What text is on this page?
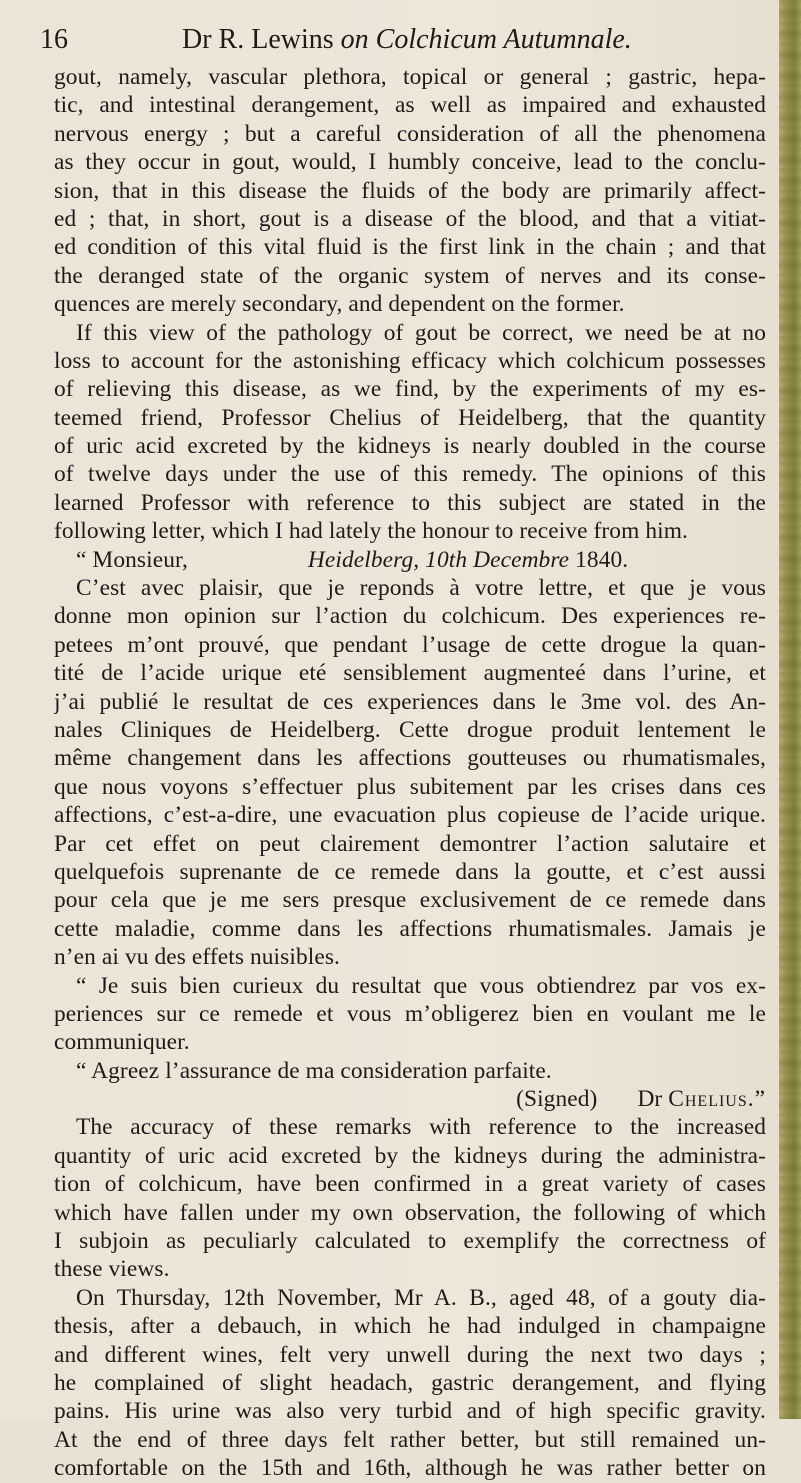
16	Dr R. Lewins on Colchicum Autumnale.
gout, namely, vascular plethora, topical or general ; gastric, hepa-
tic, and intestinal derangement, as well as impaired and exhausted
nervous energy ; but a careful consideration of all the phenomena
as they occur in gout, would, I humbly conceive, lead to the conclu-
sion, that in this disease the fluids of the body are primarily affect-
ed ; that, in short, gout is a disease of the blood, and that a vitiat-
ed condition of this vital fluid is the first link in the chain ; and that
the deranged state of the organic system of nerves and its conse-
quences are merely secondary, and dependent on the former.
If this view of the pathology of gout be correct, we need be at no
loss to account for the astonishing efficacy which colchicum possesses
of relieving this disease, as we find, by the experiments of my es-
teemed friend, Professor Chelius of Heidelberg, that the quantity
of uric acid excreted by the kidneys is nearly doubled in the course
of twelve days under the use of this remedy. The opinions of this
learned Professor with reference to this subject are stated in the
following letter, which I had lately the honour to receive from him.
“ Monsieur,	Heidelberg, 10th Decembre 1840.
C’est avec plaisir, que je reponds à votre lettre, et que je vous
donne mon opinion sur l’action du colchicum. Des experiences re-
petees m’ont prouvé, que pendant l’usage de cette drogue la quan-
tité de l’acide urique eté sensiblement augmenteé dans l’urine, et
j’ai publié le resultat de ces experiences dans le 3me vol. des An-
nales Cliniques de Heidelberg. Cette drogue produit lentement le
même changement dans les affections goutteuses ou rhumatismales,
que nous voyons s’effectuer plus subitement par les crises dans ces
affections, c’est-a-dire, une evacuation plus copieuse de l’acide urique.
Par cet effet on peut clairement demontrer l’action salutaire et
quelquefois suprenante de ce remede dans la goutte, et c’est aussi
pour cela que je me sers presque exclusivement de ce remede dans
cette maladie, comme dans les affections rhumatismales. Jamais je
n’en ai vu des effets nuisibles.
“ Je suis bien curieux du resultat que vous obtiendrez par vos ex-
periences sur ce remede et vous m’obligerez bien en voulant me le
communiquer.
“ Agreez l’assurance de ma consideration parfaite.
(Signed) Dr Chelius.”
The accuracy of these remarks with reference to the increased
quantity of uric acid excreted by the kidneys during the administra-
tion of colchicum, have been confirmed in a great variety of cases
which have fallen under my own observation, the following of which
I subjoin as peculiarly calculated to exemplify the correctness of
these views.
On Thursday, 12th November, Mr A. B., aged 48, of a gouty dia-
thesis, after a debauch, in which he had indulged in champaigne
and different wines, felt very unwell during the next two days ;
he complained of slight headach, gastric derangement, and flying
pains. His urine was also very turbid and of high specific gravity.
At the end of three days felt rather better, but still remained un-
comfortable on the 15th and 16th, although he was rather better on
